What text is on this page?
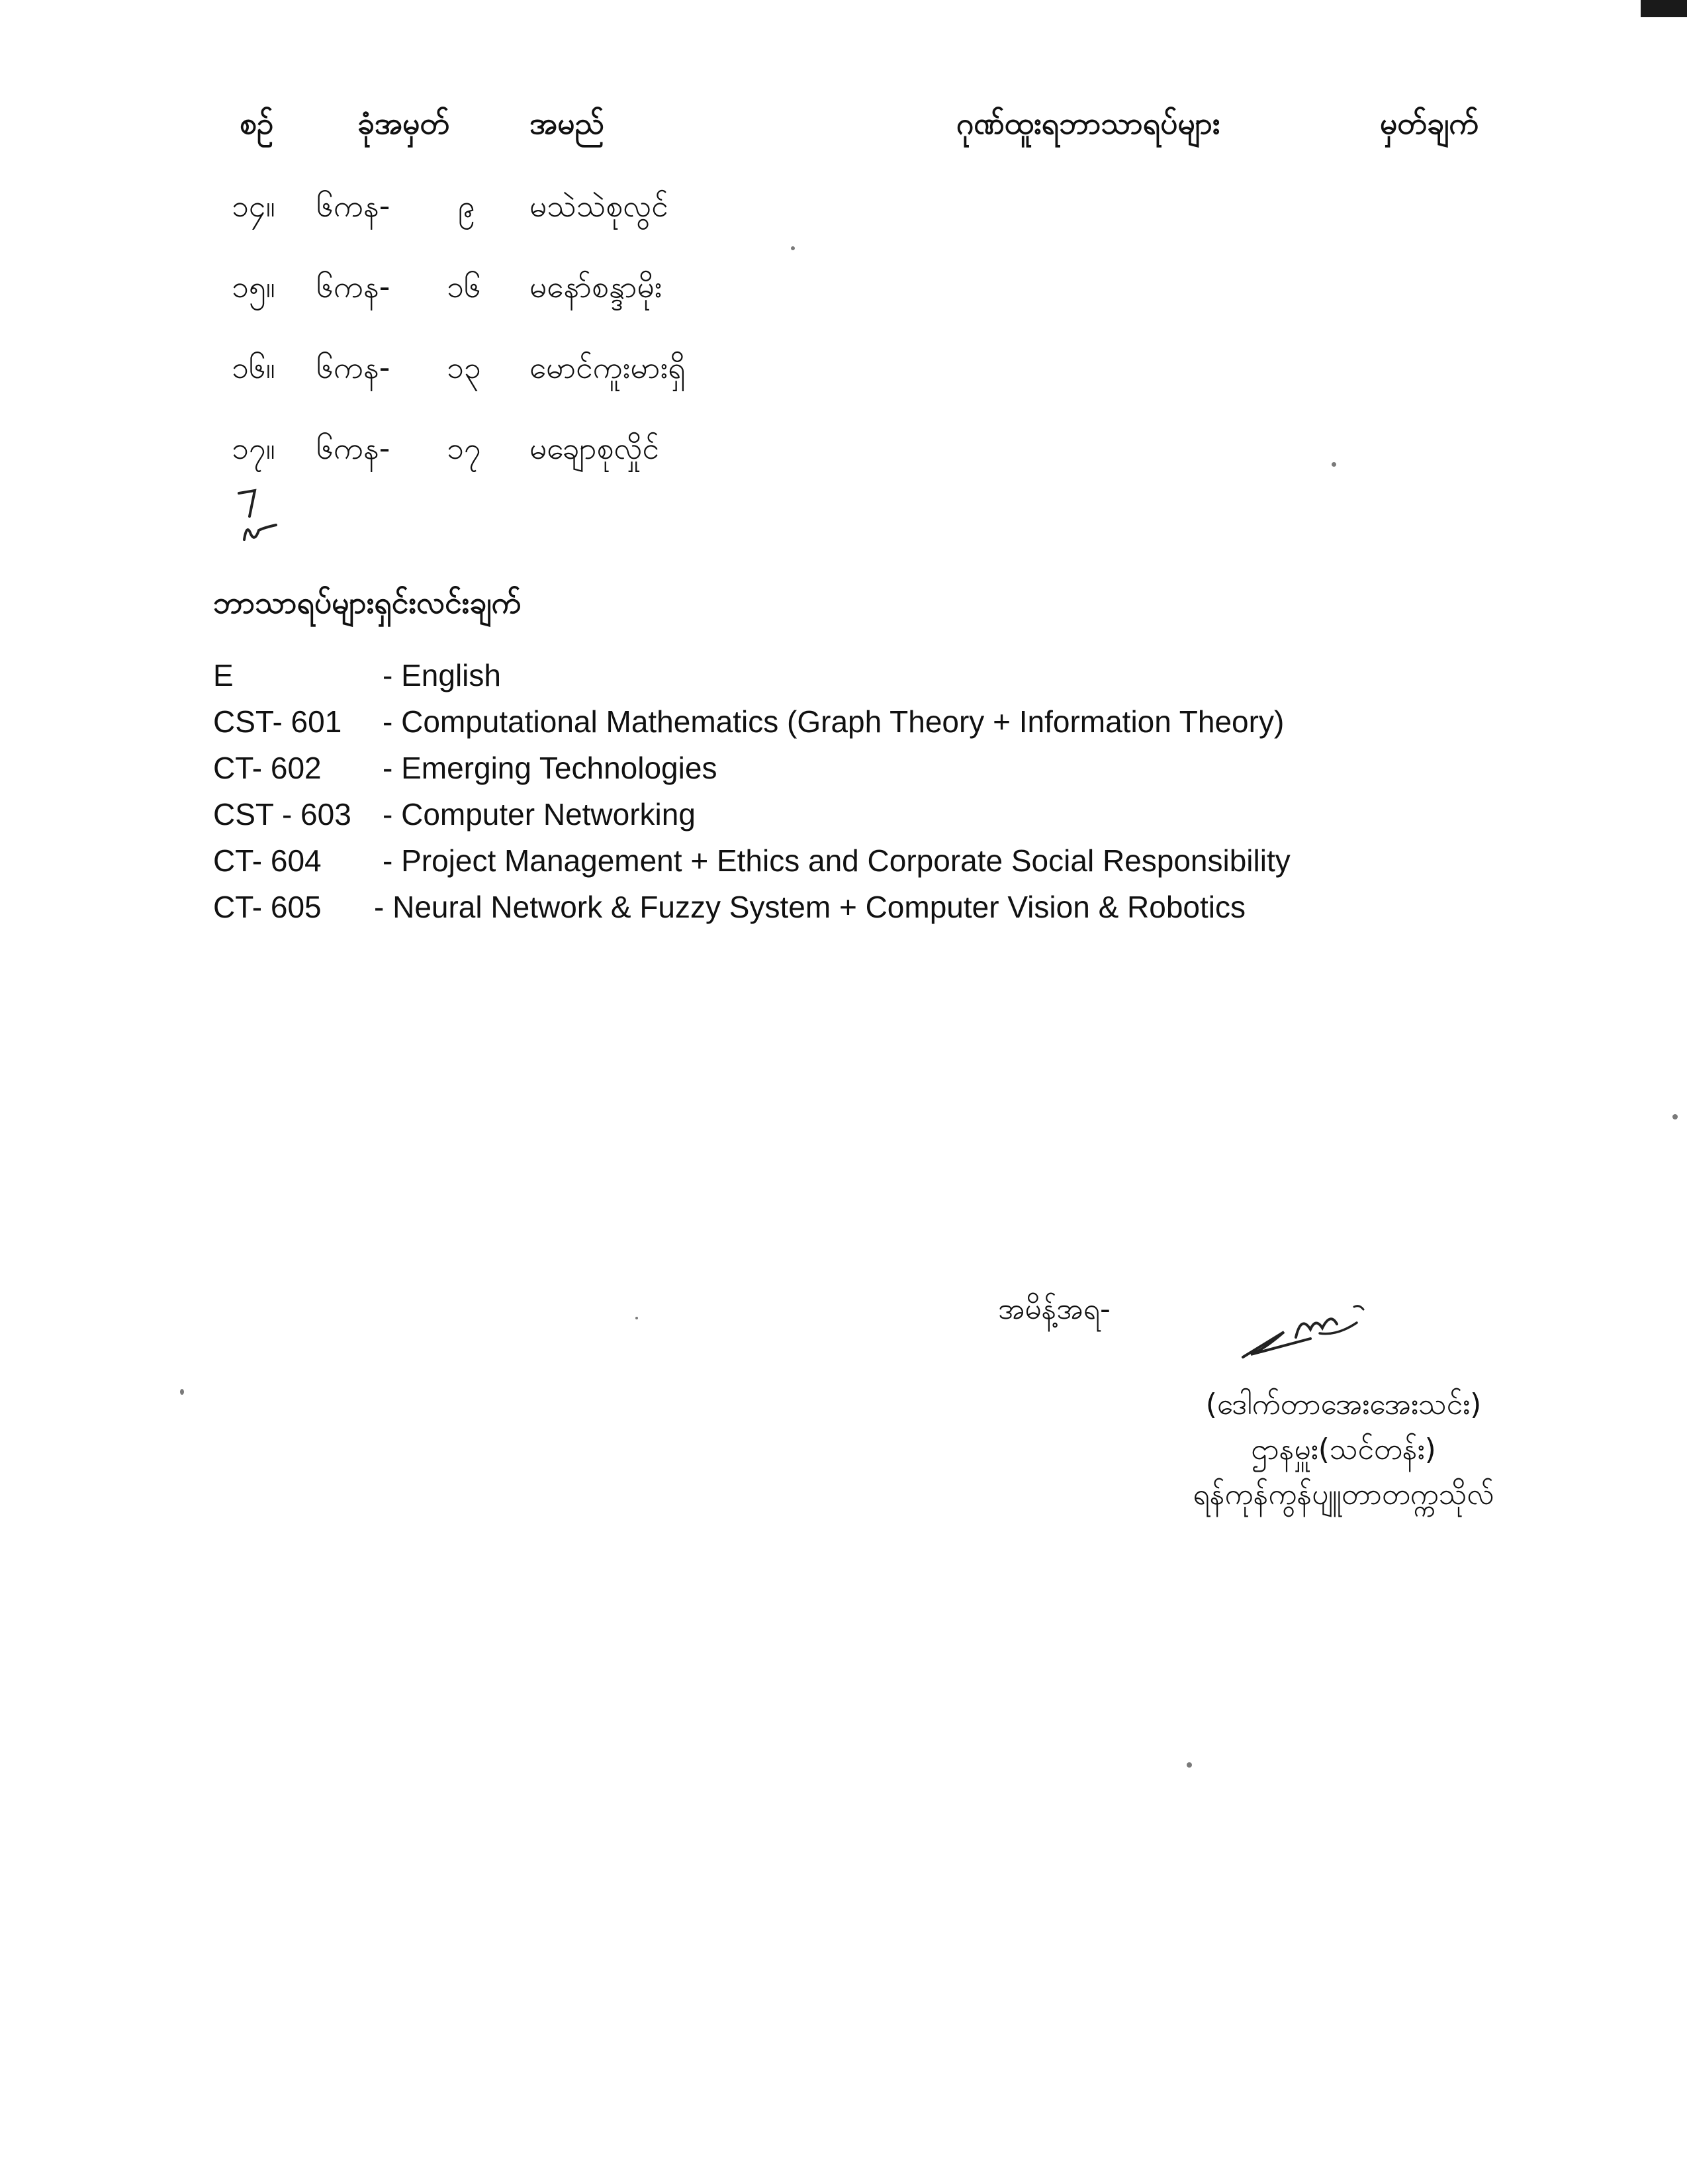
စဥ်	ခုံအမှတ်	အမည်	ဂုဏ်ထူးရဘာသာရပ်များ	မှတ်ချက်
၁၄။ ၆ကန- ၉ မသဲသဲစုလွင်
၁၅။ ၆ကန- ၁၆ မနော်စန္ဒာမိုး
၁၆။ ၆ကန- ၁၃ မောင်ကူးမားရှိ
၁၇။ ၆ကန- ၁၇ မချောစုလှိုင်
ဘာသာရပ်များရှင်းလင်းချက်
E	- English
CST- 601 - Computational Mathematics (Graph Theory + Information Theory)
CT- 602 - Emerging Technologies
CST - 603 - Computer Networking
CT- 604 - Project Management + Ethics and Corporate Social Responsibility
CT- 605 - Neural Network & Fuzzy System + Computer Vision & Robotics
အမိန့်အရ-
(ဒေါက်တာအေးအေးသင်း)
ဌာနမှူး(သင်တန်း)
ရန်ကုန်ကွန်ပျူတာတက္ကသိုလ်
